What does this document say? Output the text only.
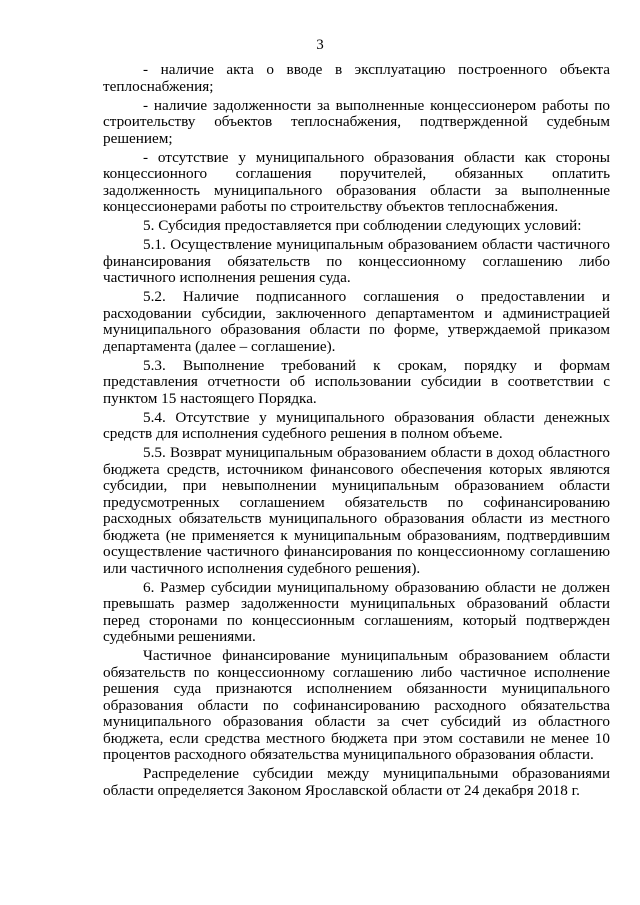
3

- наличие акта о вводе в эксплуатацию построенного объекта теплоснабжения;

- наличие задолженности за выполненные концессионером работы по строительству объектов теплоснабжения, подтвержденной судебным решением;

- отсутствие у муниципального образования области как стороны концессионного соглашения поручителей, обязанных оплатить задолженность муниципального образования области за выполненные концессионерами работы по строительству объектов теплоснабжения.

5. Субсидия предоставляется при соблюдении следующих условий:

5.1. Осуществление муниципальным образованием области частичного финансирования обязательств по концессионному соглашению либо частичного исполнения решения суда.

5.2. Наличие подписанного соглашения о предоставлении и расходовании субсидии, заключенного департаментом и администрацией муниципального образования области по форме, утверждаемой приказом департамента (далее – соглашение).

5.3. Выполнение требований к срокам, порядку и формам представления отчетности об использовании субсидии в соответствии с пунктом 15 настоящего Порядка.

5.4. Отсутствие у муниципального образования области денежных средств для исполнения судебного решения в полном объеме.

5.5. Возврат муниципальным образованием области в доход областного бюджета средств, источником финансового обеспечения которых являются субсидии, при невыполнении муниципальным образованием области предусмотренных соглашением обязательств по софинансированию расходных обязательств муниципального образования области из местного бюджета (не применяется к муниципальным образованиям, подтвердившим осуществление частичного финансирования по концессионному соглашению или частичного исполнения судебного решения).

6. Размер субсидии муниципальному образованию области не должен превышать размер задолженности муниципальных образований области перед сторонами по концессионным соглашениям, который подтвержден судебными решениями.

Частичное финансирование муниципальным образованием области обязательств по концессионному соглашению либо частичное исполнение решения суда признаются исполнением обязанности муниципального образования области по софинансированию расходного обязательства муниципального образования области за счет субсидий из областного бюджета, если средства местного бюджета при этом составили не менее 10 процентов расходного обязательства муниципального образования области.

Распределение субсидии между муниципальными образованиями области определяется Законом Ярославской области от 24 декабря 2018 г.
